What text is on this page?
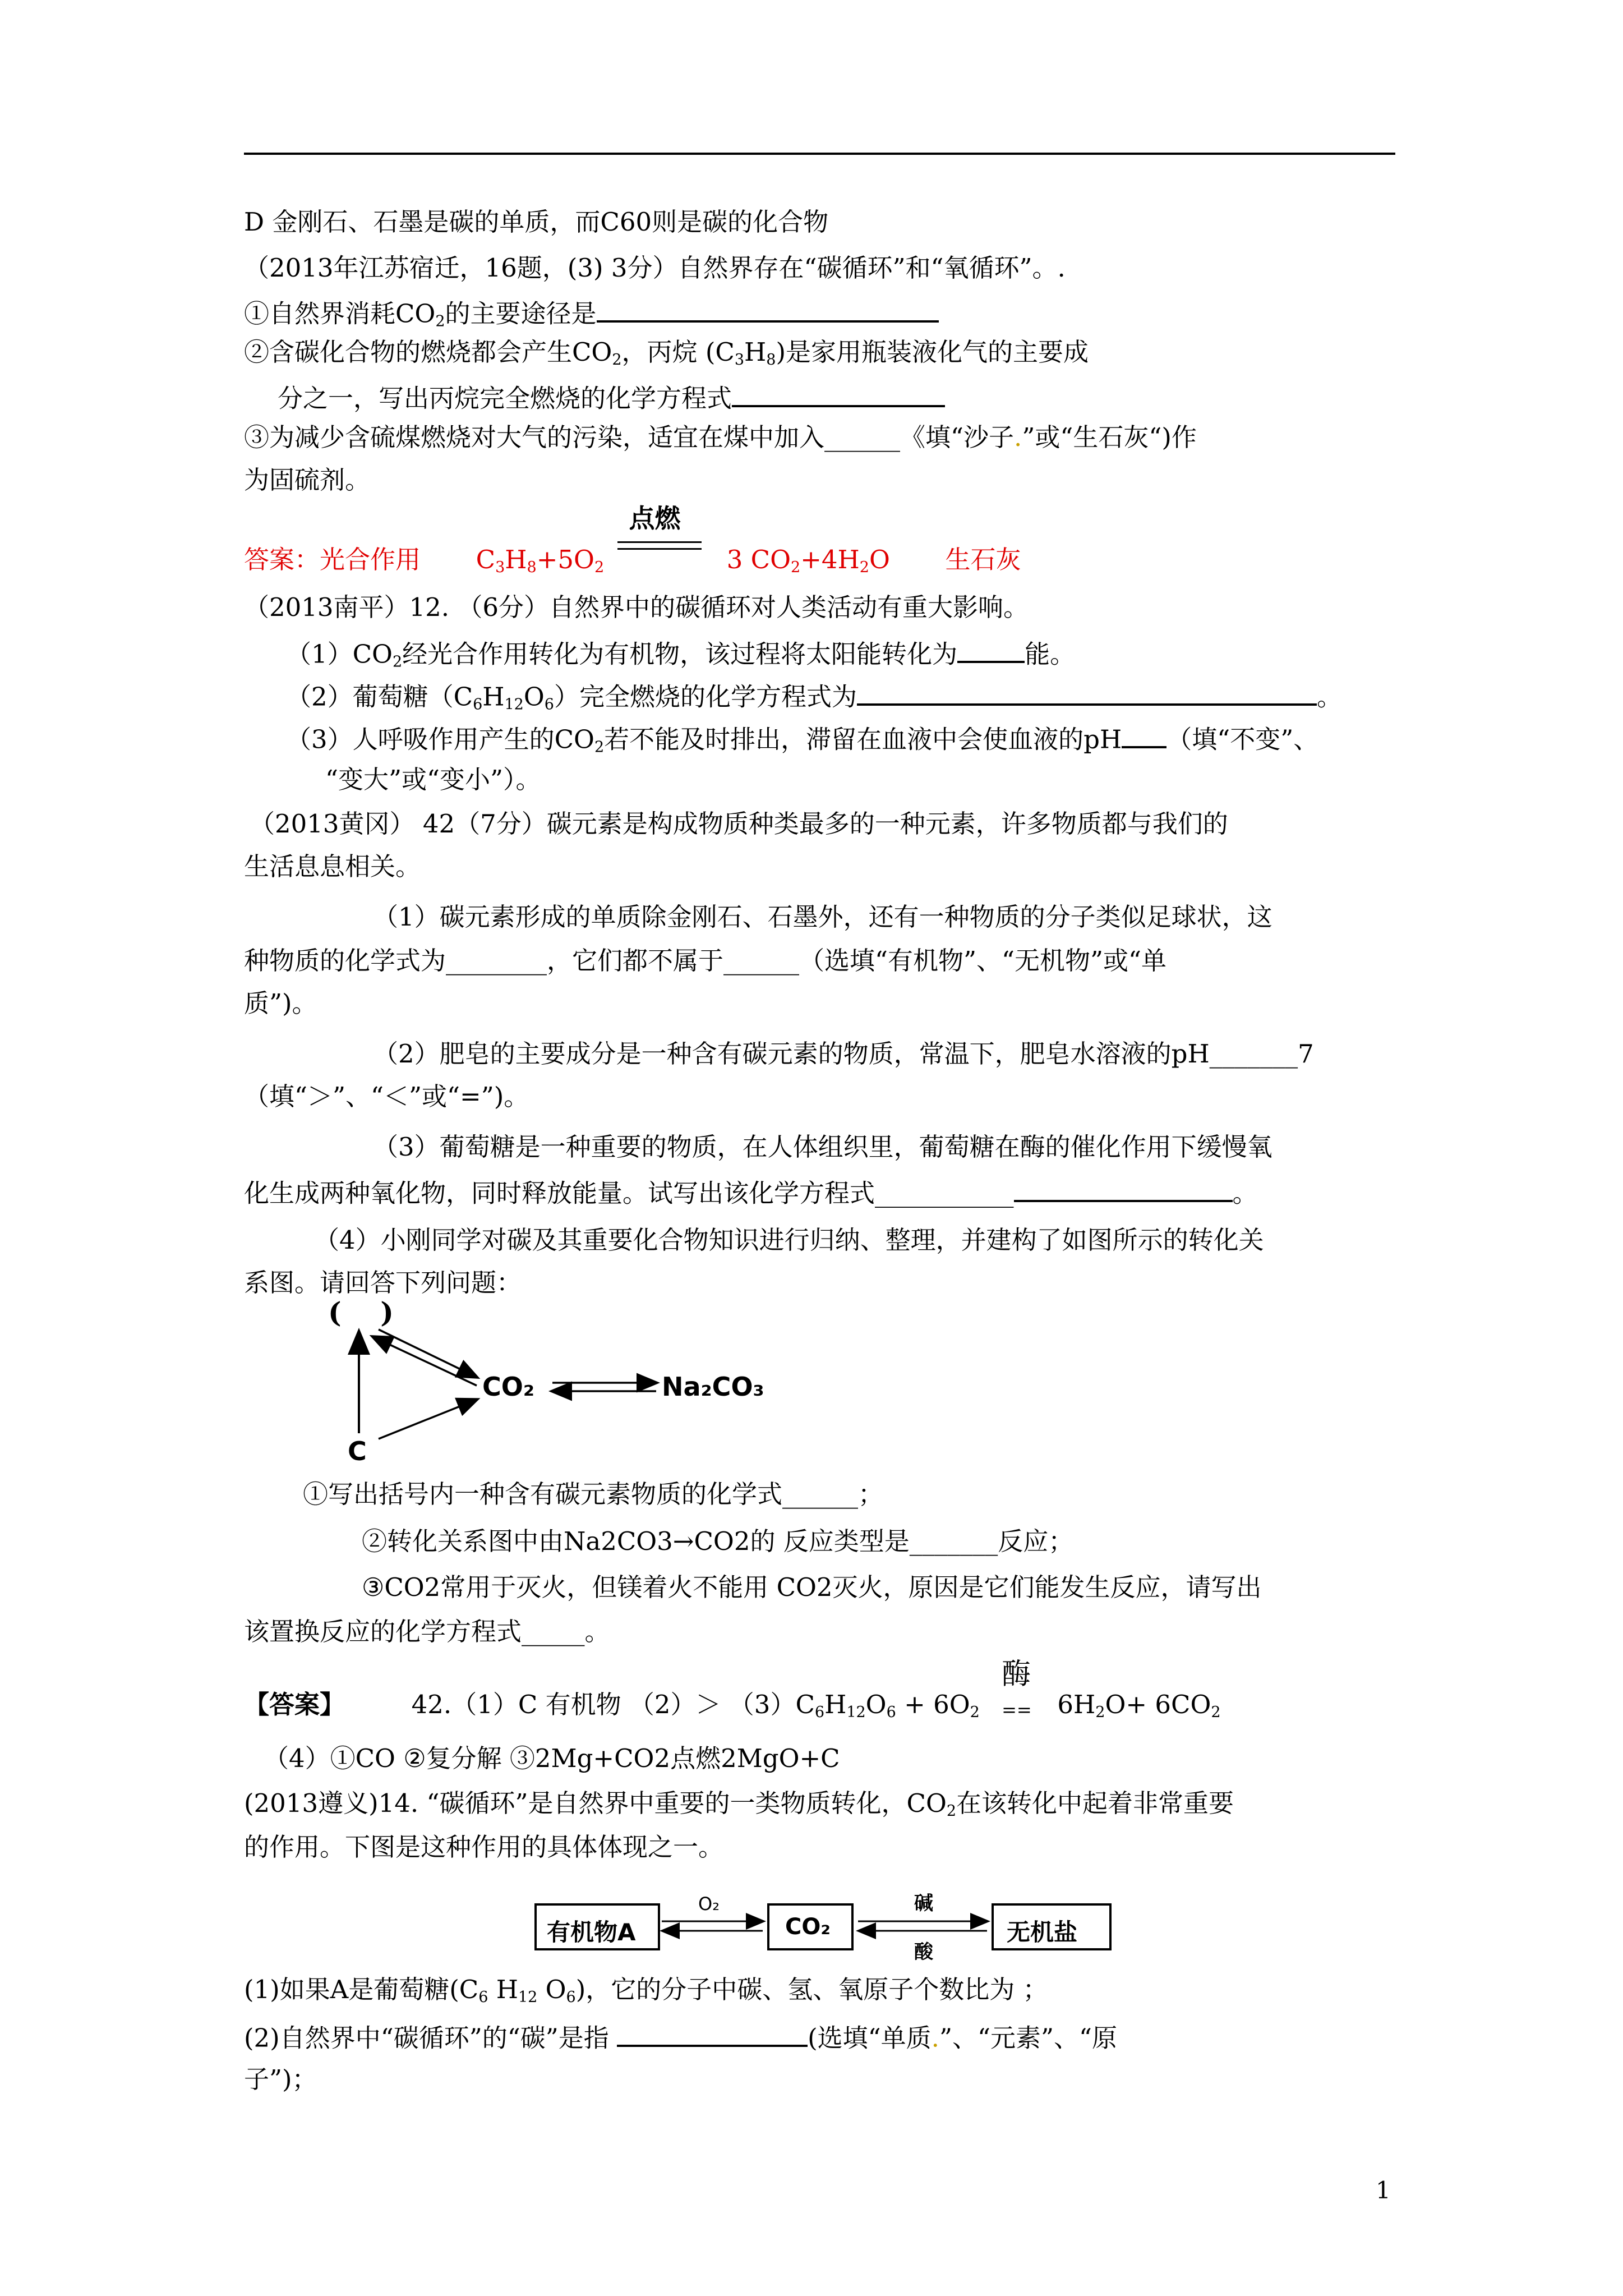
D 金刚石、石墨是碳的单质，而C60则是碳的化合物
（2013年江苏宿迁，16题，(3) 3分）自然界存在“碳循环”和“氧循环”。.
①自然界消耗$CO_2$的主要途径是
②含碳化合物的燃烧都会产生$CO_2$，丙烷 $(C_3H_8)$是家用瓶装液化气的主要成
分之一，写出丙烷完全燃烧的化学方程式
③为减少含硫煤燃烧对大气的污染，适宜在煤中加入______《填“沙子.”或“生石灰“)作
为固硫剂。
答案：光合作用 $C_3H_8+5O_2$
点燃
3 $CO_2+4H_2O$ 生石灰
（2013南平）12. （6分）自然界中的碳循环对人类活动有重大影响。
$(1)CO_2$经光合作用转化为有机物，该过程将太阳能转化为	能。
（2）葡萄糖$(C_6H_{12}O_6)$完全燃烧的化学方程式为	。
（3）人呼吸作用产生的$CO_2$若不能及时排出，滞留在血液中会使血液的pH （填“不变”、
“变大”或“变小”）。
（2013黄冈） 42（7分）碳元素是构成物质种类最多的一种元素，许多物质都与我们的
生活息息相关。
（1）碳元素形成的单质除金刚石、石墨外，还有一种物质的分子类似足球状，这
种物质的化学式为________，它们都不属于______（选填“有机物”、“无机物”或“单
质”)。
（2）肥皂的主要成分是一种含有碳元素的物质，常温下，肥皂水溶液的pH_______7
（填“＞”、“＜”或“=”)。
（3）葡萄糖是一种重要的物质，在人体组织里，葡萄糖在酶的催化作用下缓慢氧
化生成两种氧化物，同时释放能量。试写出该化学方程式___________	。
（4）小刚同学对碳及其重要化合物知识进行归纳、整理，并建构了如图所示的转化关
系图。请回答下列问题：
(    )
CO₂	Na₂CO₃
C
①写出括号内一种含有碳元素物质的化学式______；
②转化关系图中由Na2CO3→CO2的 反应类型是_______反应；
③CO2常用于灭火，但镁着火不能用 CO2灭火，原因是它们能发生反应，请写出
该置换反应的化学方程式_____。
【答案】	42.（1）C 有机物 $(2)> (3)C_6H_{12}O_6 + 6O_2$
酶
== $6H_2O+ 6CO_2$
（4）①CO ②复分解 ③2Mg+CO2点燃2MgO+C
(2013遵义)14. “碳循环”是自然界中重要的一类物质转化，$CO_2$在该转化中起着非常重要
的作用。下图是这种作用的具体体现之一。
有机物A
O₂
CO₂
碱
酸
无机盐
(1)如果A是葡萄糖($C_6$ $H_{12}$ $O_6$)，它的分子中碳、氢、氧原子个数比为 ；
(2)自然界中“碳循环”的“碳”是指	(选填“单质.”、“元素”、“原
子”)；
1
